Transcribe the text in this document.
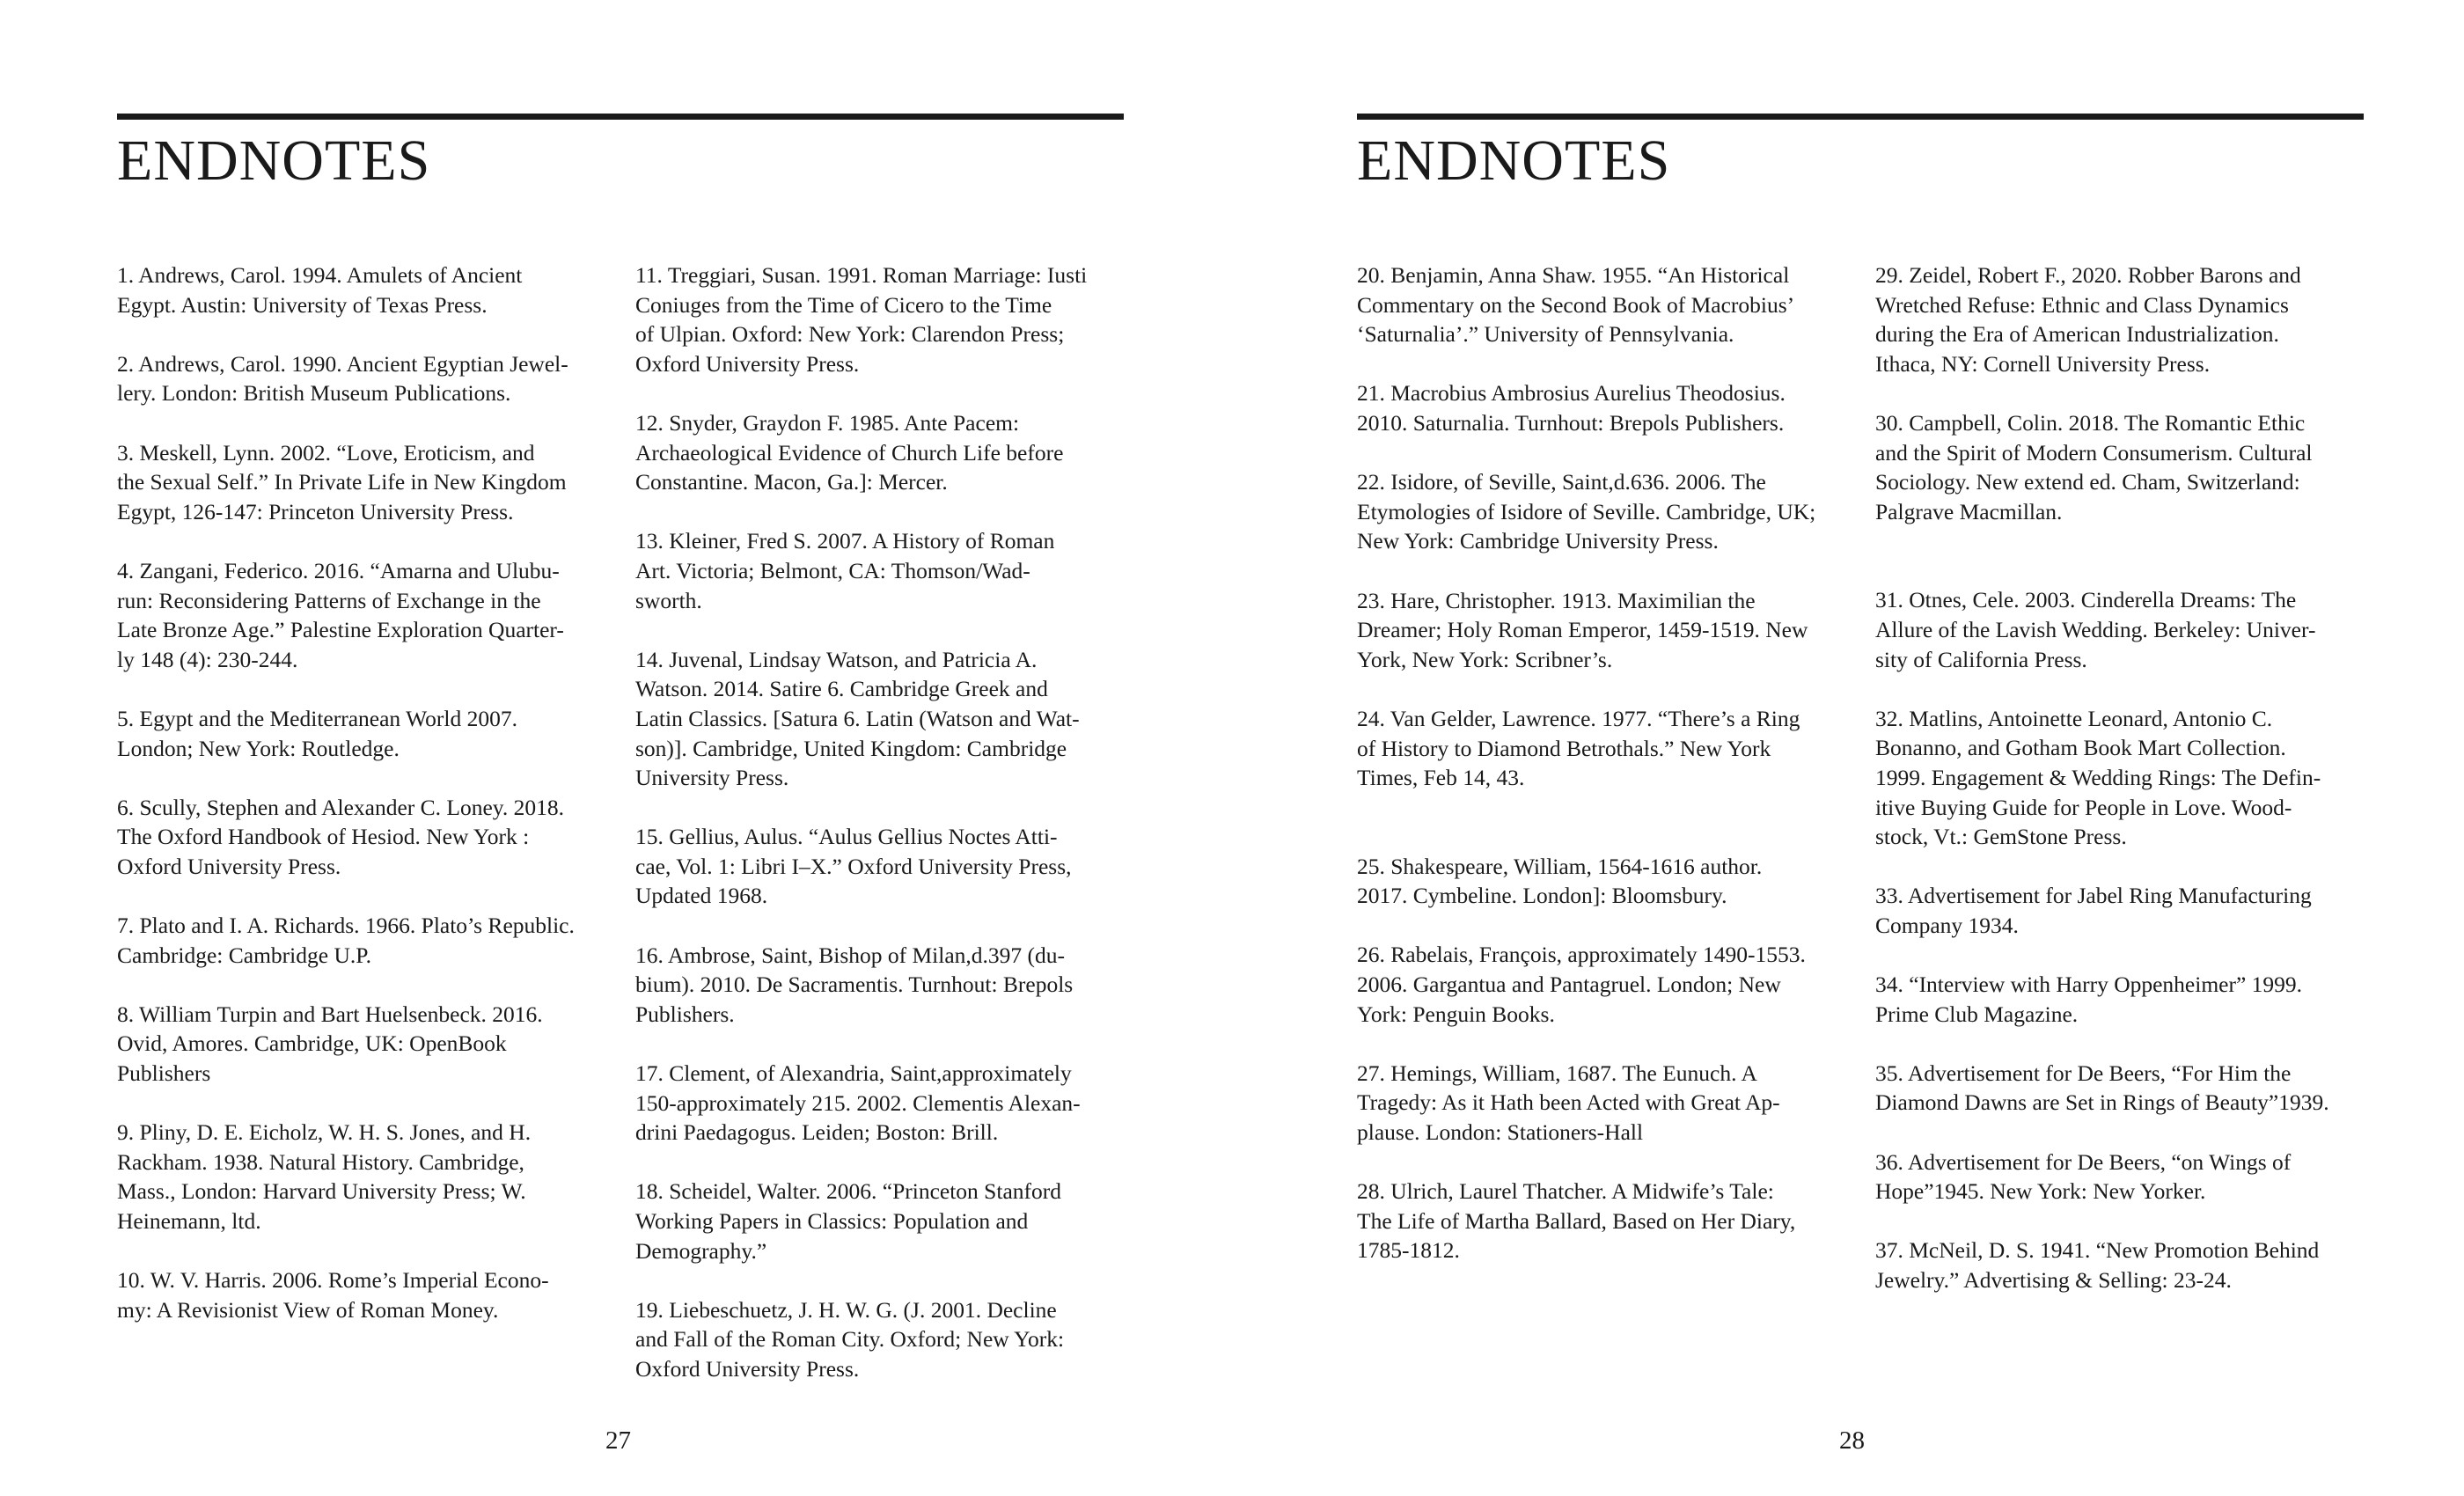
ENDNOTES

1. Andrews, Carol. 1994. Amulets of Ancient
Egypt. Austin: University of Texas Press.

2. Andrews, Carol. 1990. Ancient Egyptian Jewel-
lery. London: British Museum Publications.

3. Meskell, Lynn. 2002. “Love, Eroticism, and
the Sexual Self.” In Private Life in New Kingdom
Egypt, 126-147: Princeton University Press.

4. Zangani, Federico. 2016. “Amarna and Ulubu-
run: Reconsidering Patterns of Exchange in the
Late Bronze Age.” Palestine Exploration Quarter-
ly 148 (4): 230-244.

5. Egypt and the Mediterranean World 2007.
London; New York: Routledge.

6. Scully, Stephen and Alexander C. Loney. 2018.
The Oxford Handbook of Hesiod. New York :
Oxford University Press.

7. Plato and I. A. Richards. 1966. Plato’s Republic.
Cambridge: Cambridge U.P.

8. William Turpin and Bart Huelsenbeck. 2016.
Ovid, Amores. Cambridge, UK: OpenBook
Publishers

9. Pliny, D. E. Eicholz, W. H. S. Jones, and H.
Rackham. 1938. Natural History. Cambridge,
Mass., London: Harvard University Press; W.
Heinemann, ltd.

10. W. V. Harris. 2006. Rome’s Imperial Econo-
my: A Revisionist View of Roman Money.

11. Treggiari, Susan. 1991. Roman Marriage: Iusti
Coniuges from the Time of Cicero to the Time
of Ulpian. Oxford: New York: Clarendon Press;
Oxford University Press.

12. Snyder, Graydon F. 1985. Ante Pacem:
Archaeological Evidence of Church Life before
Constantine. Macon, Ga.]: Mercer.

13. Kleiner, Fred S. 2007. A History of Roman
Art. Victoria; Belmont, CA: Thomson/Wad-
sworth.

14. Juvenal, Lindsay Watson, and Patricia A.
Watson. 2014. Satire 6. Cambridge Greek and
Latin Classics. [Satura 6. Latin (Watson and Wat-
son)]. Cambridge, United Kingdom: Cambridge
University Press.

15. Gellius, Aulus. “Aulus Gellius Noctes Atti-
cae, Vol. 1: Libri I–X.” Oxford University Press,
Updated 1968.

16. Ambrose, Saint, Bishop of Milan,d.397 (du-
bium). 2010. De Sacramentis. Turnhout: Brepols
Publishers.

17. Clement, of Alexandria, Saint,approximately
150-approximately 215. 2002. Clementis Alexan-
drini Paedagogus. Leiden; Boston: Brill.

18. Scheidel, Walter. 2006. “Princeton Stanford
Working Papers in Classics: Population and
Demography.”

19. Liebeschuetz, J. H. W. G. (J. 2001. Decline
and Fall of the Roman City. Oxford; New York:
Oxford University Press.

27
ENDNOTES

20. Benjamin, Anna Shaw. 1955. “An Historical
Commentary on the Second Book of Macrobius’
‘Saturnalia’.” University of Pennsylvania.

21. Macrobius Ambrosius Aurelius Theodosius.
2010. Saturnalia. Turnhout: Brepols Publishers.

22. Isidore, of Seville, Saint,d.636. 2006. The
Etymologies of Isidore of Seville. Cambridge, UK;
New York: Cambridge University Press.

23. Hare, Christopher. 1913. Maximilian the
Dreamer; Holy Roman Emperor, 1459-1519. New
York, New York: Scribner’s.

24. Van Gelder, Lawrence. 1977. “There’s a Ring
of History to Diamond Betrothals.” New York
Times, Feb 14, 43.

25. Shakespeare, William, 1564-1616 author.
2017. Cymbeline. London]: Bloomsbury.

26. Rabelais, François, approximately 1490-1553.
2006. Gargantua and Pantagruel. London; New
York: Penguin Books.

27. Hemings, William, 1687. The Eunuch. A
Tragedy: As it Hath been Acted with Great Ap-
plause. London: Stationers-Hall

28. Ulrich, Laurel Thatcher. A Midwife’s Tale:
The Life of Martha Ballard, Based on Her Diary,
1785-1812.

29. Zeidel, Robert F., 2020. Robber Barons and
Wretched Refuse: Ethnic and Class Dynamics
during the Era of American Industrialization.
Ithaca, NY: Cornell University Press.

30. Campbell, Colin. 2018. The Romantic Ethic
and the Spirit of Modern Consumerism. Cultural
Sociology. New extend ed. Cham, Switzerland:
Palgrave Macmillan.

31. Otnes, Cele. 2003. Cinderella Dreams: The
Allure of the Lavish Wedding. Berkeley: Univer-
sity of California Press.

32. Matlins, Antoinette Leonard, Antonio C.
Bonanno, and Gotham Book Mart Collection.
1999. Engagement & Wedding Rings: The Defin-
itive Buying Guide for People in Love. Wood-
stock, Vt.: GemStone Press.

33. Advertisement for Jabel Ring Manufacturing
Company 1934.

34. “Interview with Harry Oppenheimer” 1999.
Prime Club Magazine.

35. Advertisement for De Beers, “For Him the
Diamond Dawns are Set in Rings of Beauty”1939.

36. Advertisement for De Beers, “on Wings of
Hope”1945. New York: New Yorker.

37. McNeil, D. S. 1941. “New Promotion Behind
Jewelry.” Advertising & Selling: 23-24.

28
